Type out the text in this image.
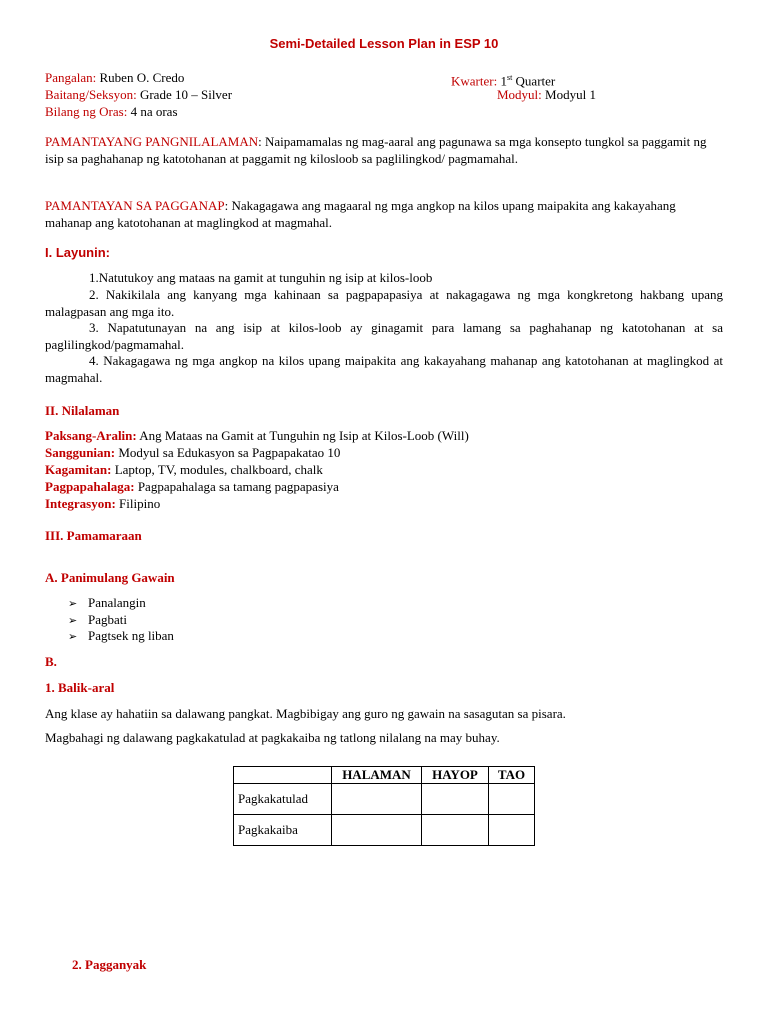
Semi-Detailed Lesson Plan in ESP 10
Pangalan: Ruben O. Credo	Kwarter: 1st Quarter
Baitang/Seksyon: Grade 10 – Silver	Modyul: Modyul 1
Bilang ng Oras: 4 na oras
PAMANTAYANG PANGNILALAMAN: Naipamamalas ng mag-aaral ang pagunawa sa mga konsepto tungkol sa paggamit ng isip sa paghahanap ng katotohanan at paggamit ng kilosloob sa paglilingkod/ pagmamahal.
PAMANTAYAN SA PAGGANAP: Nakagagawa ang magaaral ng mga angkop na kilos upang maipakita ang kakayahang mahanap ang katotohanan at maglingkod at magmahal.
I. Layunin:
1.Natutukoy ang mataas na gamit at tunguhin ng isip at kilos-loob
2. Nakikilala ang kanyang mga kahinaan sa pagpapapasiya at nakagagawa ng mga kongkretong hakbang upang malagpasan ang mga ito.
3. Napatutunayan na ang isip at kilos-loob ay ginagamit para lamang sa paghahanap ng katotohanan at sa paglilingkod/pagmamahal.
4. Nakagagawa ng mga angkop na kilos upang maipakita ang kakayahang mahanap ang katotohanan at maglingkod at magmahal.
II. Nilalaman
Paksang-Aralin: Ang Mataas na Gamit at Tunguhin ng Isip at Kilos-Loob (Will)
Sanggunian: Modyul sa Edukasyon sa Pagpapakatao 10
Kagamitan: Laptop, TV, modules, chalkboard, chalk
Pagpapahalaga: Pagpapahalaga sa tamang pagpapasiya
Integrasyon: Filipino
III. Pamamaraan
A. Panimulang Gawain
➢ Panalangin
➢ Pagbati
➢ Pagtsek ng liban
B.
1. Balik-aral
Ang klase ay hahatiin sa dalawang pangkat. Magbibigay ang guro ng gawain na sasagutan sa pisara.
Magbahagi ng dalawang pagkakatulad at pagkakaiba ng tatlong nilalang na may buhay.
	HALAMAN	HAYOP	TAO
Pagkakatulad			
Pagkakaiba			
2. Pagganyak
